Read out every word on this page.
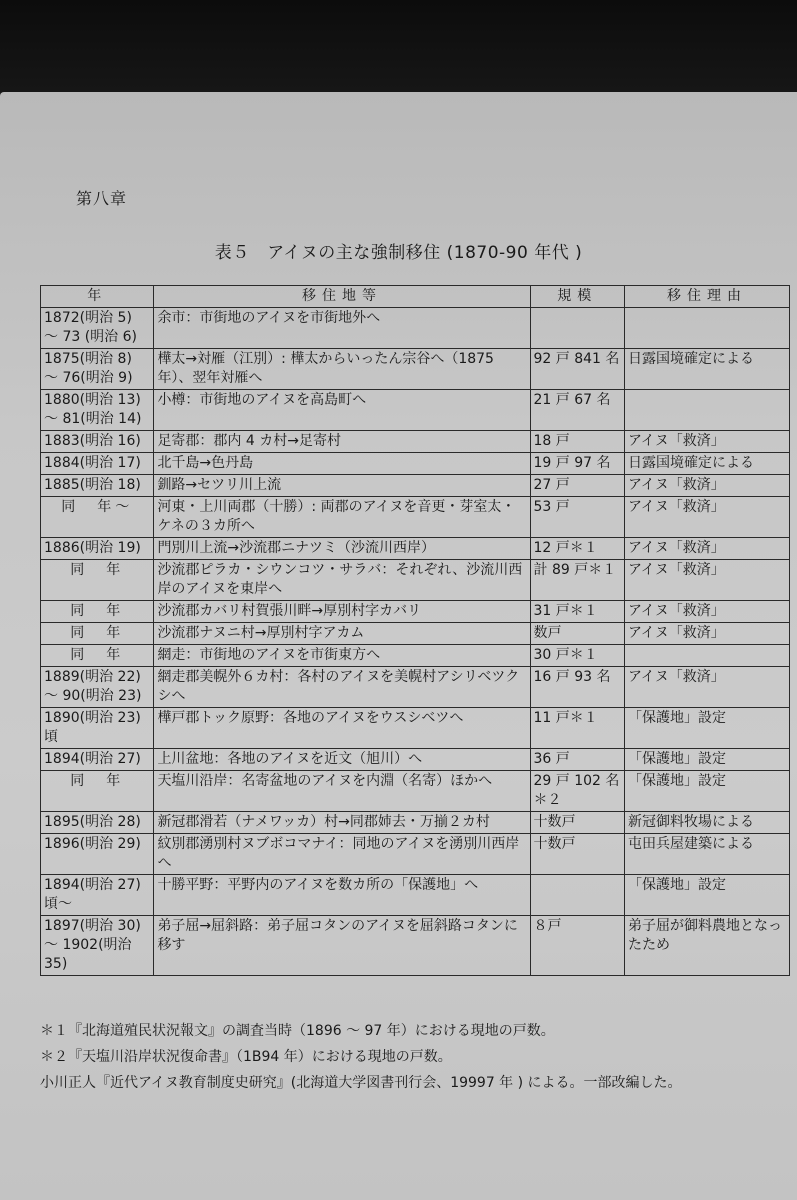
第八章
表５　アイヌの主な強制移住 (1870-90 年代 )
年	移住地等	規模	移住理由
1872(明治 5)
～ 73 (明治 6)	余市：市街地のアイヌを市街地外へ		
1875(明治 8)
～ 76(明治 9)	樺太→対雁（江別）: 樺太からいったん宗谷へ（1875年）、翌年対雁へ	92 戸 841 名	日露国境確定による
1880(明治 13)
～ 81(明治 14)	小樽：市街地のアイヌを高島町へ	21 戸 67 名	
1883(明治 16)	足寄郡：郡内 4 カ村→足寄村	18 戸	アイヌ「救済」
1884(明治 17)	北千島→色丹島	19 戸 97 名	日露国境確定による
1885(明治 18)	釧路→セツリ川上流	27 戸	アイヌ「救済」
同　年～	河東・上川両郡（十勝）: 両郡のアイヌを音更・芽室太・ケネの３カ所へ	53 戸	アイヌ「救済」
1886(明治 19)	門別川上流→沙流郡ニナツミ（沙流川西岸）	12 戸＊１	アイヌ「救済」
同　年	沙流郡ピラカ・シウンコツ・サラバ：それぞれ、沙流川西岸のアイヌを東岸へ	計 89 戸＊１	アイヌ「救済」
同　年	沙流郡カバリ村賀張川畔→厚別村字カバリ	31 戸＊１	アイヌ「救済」
同　年	沙流郡ナヌニ村→厚別村字アカム	数戸	アイヌ「救済」
同　年	網走：市街地のアイヌを市街東方へ	30 戸＊１	
1889(明治 22)
～ 90(明治 23)	網走郡美幌外６カ村：各村のアイヌを美幌村アシリベツクシへ	16 戸 93 名	アイヌ「救済」
1890(明治 23)
頃	樺戸郡トック原野：各地のアイヌをウスシベツへ	11 戸＊１	「保護地」設定
1894(明治 27)	上川盆地：各地のアイヌを近文（旭川）へ	36 戸	「保護地」設定
同　年	天塩川沿岸：名寄盆地のアイヌを内淵（名寄）ほかへ	29 戸 102 名＊２	「保護地」設定
1895(明治 28)	新冠郡滑若（ナメワッカ）村→同郡姉去・万揃２カ村	十数戸	新冠御料牧場による
1896(明治 29)	紋別郡湧別村ヌブボコマナイ：同地のアイヌを湧別川西岸へ	十数戸	屯田兵屋建築による
1894(明治 27)
頃～	十勝平野：平野内のアイヌを数カ所の「保護地」へ		「保護地」設定
1897(明治 30)
～ 1902(明治
35)	弟子屈→屈斜路：弟子屈コタンのアイヌを屈斜路コタンに移す	８戸	弟子屈が御料農地となったため
＊１『北海道殖民状況報文』の調査当時（1896 ～ 97 年）における現地の戸数。
＊２『天塩川沿岸状況復命書』（1B94 年）における現地の戸数。
小川正人『近代アイヌ教育制度史研究』(北海道大学図書刊行会、19997 年 ) による。一部改編した。
